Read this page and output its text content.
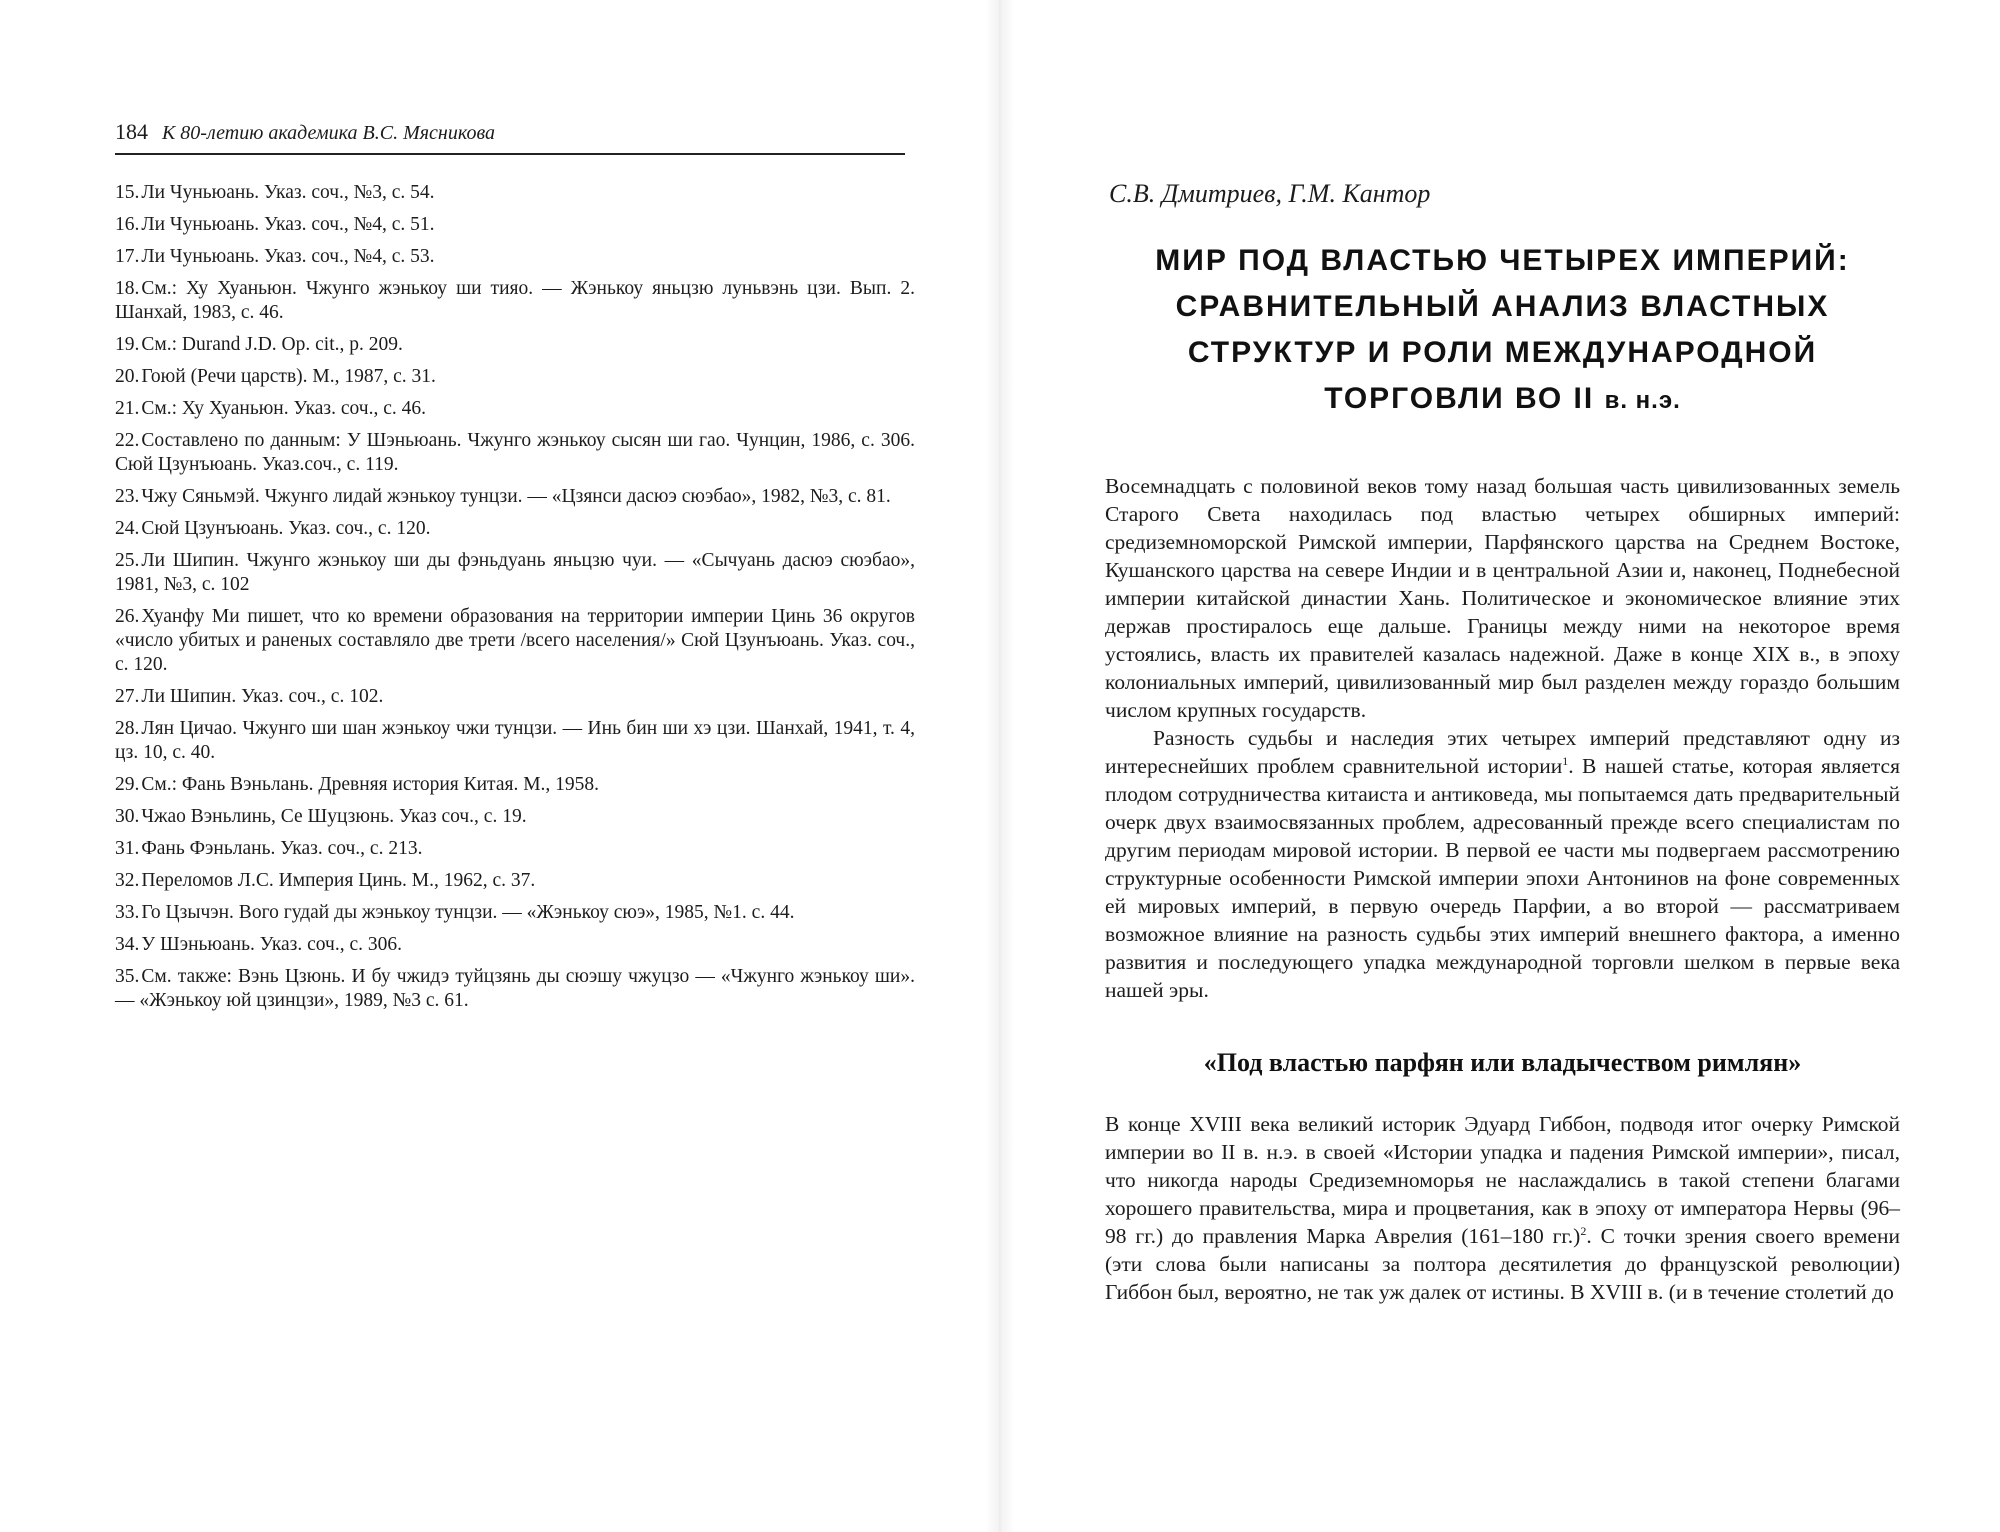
184 К 80-летию академика В.С. Мясникова

15. Ли Чуньюань. Указ. соч., №3, с. 54.

16. Ли Чуньюань. Указ. соч., №4, с. 51.

17. Ли Чуньюань. Указ. соч., №4, с. 53.

18. См.: Ху Хуаньюн. Чжунго жэнькоу ши тияо. — Жэнькоу яньцзю луньвэнь цзи. Вып. 2. Шанхай, 1983, с. 46.

19. См.: Durand J.D. Op. cit., p. 209.

20. Гоюй (Речи царств). М., 1987, с. 31.

21. См.: Ху Хуаньюн. Указ. соч., с. 46.

22. Составлено по данным: У Шэньюань. Чжунго жэнькоу сысян ши гао. Чунцин, 1986, с. 306. Сюй Цзунъюань. Указ.соч., с. 119.

23. Чжу Сяньмэй. Чжунго лидай жэнькоу тунцзи. — «Цзянси дасюэ сюэбао», 1982, №3, с. 81.

24. Сюй Цзунъюань. Указ. соч., с. 120.

25. Ли Шипин. Чжунго жэнькоу ши ды фэньдуань яньцзю чуи. — «Сычуань дасюэ сюэбао», 1981, №3, с. 102

26. Хуанфу Ми пишет, что ко времени образования на территории империи Цинь 36 округов «число убитых и раненых составляло две трети /всего населения/» Сюй Цзунъюань. Указ. соч., с. 120.

27. Ли Шипин. Указ. соч., с. 102.

28. Лян Цичао. Чжунго ши шан жэнькоу чжи тунцзи. — Инь бин ши хэ цзи. Шанхай, 1941, т. 4, цз. 10, с. 40.

29. См.: Фань Вэньлань. Древняя история Китая. М., 1958.

30. Чжао Вэньлинь, Се Шуцзюнь. Указ соч., с. 19.

31. Фань Фэньлань. Указ. соч., с. 213.

32. Переломов Л.С. Империя Цинь. М., 1962, с. 37.

33. Го Цзычэн. Вого гудай ды жэнькоу тунцзи. — «Жэнькоу сюэ», 1985, №1. с. 44.

34. У Шэньюань. Указ. соч., с. 306.

35. См. также: Вэнь Цзюнь. И бу чжидэ туйцзянь ды сюэшу чжуцзо — «Чжунго жэнькоу ши».— «Жэнькоу юй цзинцзи», 1989, №3 с. 61.

С.В. Дмитриев, Г.М. Кантор
МИР ПОД ВЛАСТЬЮ ЧЕТЫРЕХ ИМПЕРИЙ: СРАВНИТЕЛЬНЫЙ АНАЛИЗ ВЛАСТНЫХ СТРУКТУР И РОЛИ МЕЖДУНАРОДНОЙ ТОРГОВЛИ ВО II в. н.э.

Восемнадцать с половиной веков тому назад большая часть цивилизованных земель Старого Света находилась под властью четырех обширных империй: средиземноморской Римской империи, Парфянского царства на Среднем Востоке, Кушанского царства на севере Индии и в центральной Азии и, наконец, Поднебесной империи китайской династии Хань. Политическое и экономическое влияние этих держав простиралось еще дальше. Границы между ними на некоторое время устоялись, власть их правителей казалась надежной. Даже в конце XIX в., в эпоху колониальных империй, цивилизованный мир был разделен между гораздо большим числом крупных государств.

Разность судьбы и наследия этих четырех империй представляют одну из интереснейших проблем сравнительной истории$^1$. В нашей статье, которая является плодом сотрудничества китаиста и антиковеда, мы попытаемся дать предварительный очерк двух взаимосвязанных проблем, адресованный прежде всего специалистам по другим периодам мировой истории. В первой ее части мы подвергаем рассмотрению структурные особенности Римской империи эпохи Антонинов на фоне современных ей мировых империй, в первую очередь Парфии, а во второй — рассматриваем возможное влияние на разность судьбы этих империй внешнего фактора, а именно развития и последующего упадка международной торговли шелком в первые века нашей эры.

«Под властью парфян или владычеством римлян»

В конце XVIII века великий историк Эдуард Гиббон, подводя итог очерку Римской империи во II в. н.э. в своей «Истории упадка и падения Римской империи», писал, что никогда народы Средиземноморья не наслаждались в такой степени благами хорошего правительства, мира и процветания, как в эпоху от императора Нервы (96–98 гг.) до правления Марка Аврелия (161–180 гг.)$^2$. С точки зрения своего времени (эти слова были написаны за полтора десятилетия до французской революции) Гиббон был, вероятно, не так уж далек от истины. В XVIII в. (и в течение столетий до
